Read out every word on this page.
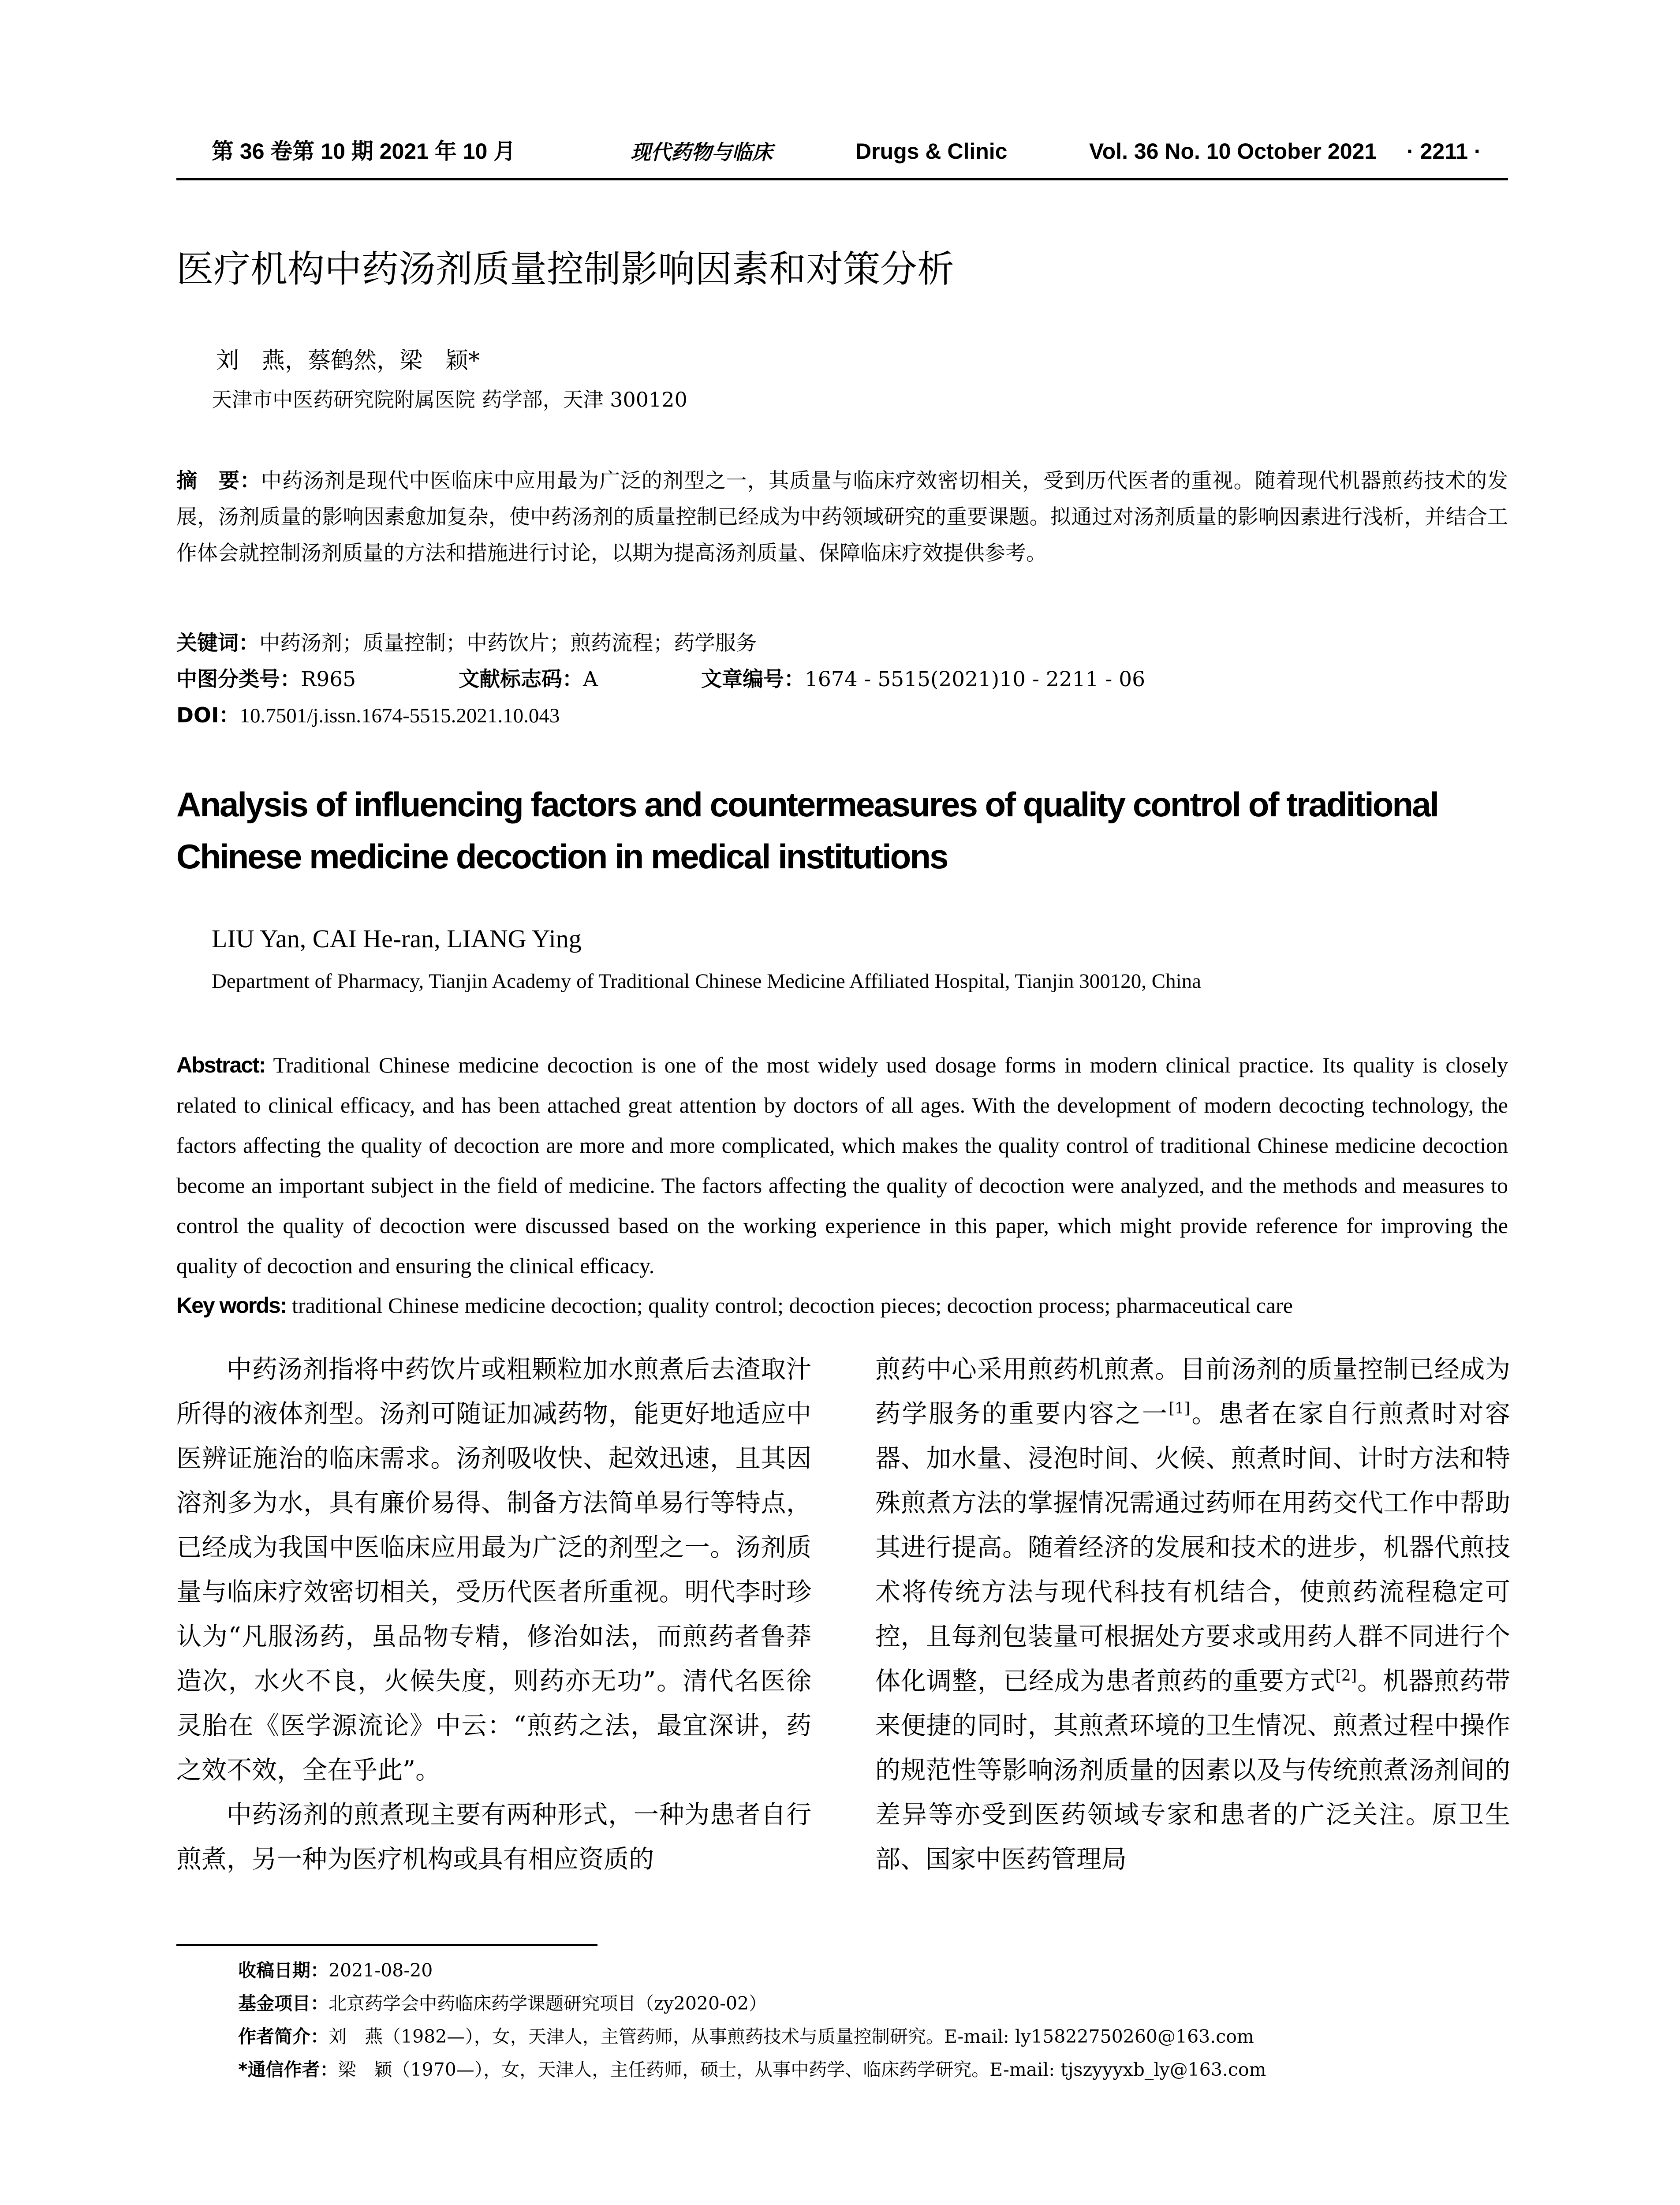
第 36 卷第 10 期 2021 年 10 月	现代药物与临床	Drugs & Clinic	Vol. 36 No. 10 October 2021 · 2211 ·
医疗机构中药汤剂质量控制影响因素和对策分析
刘　燕，蔡鹤然，梁　颖*
天津市中医药研究院附属医院 药学部，天津 300120
摘　要：中药汤剂是现代中医临床中应用最为广泛的剂型之一，其质量与临床疗效密切相关，受到历代医者的重视。随着现代机器煎药技术的发展，汤剂质量的影响因素愈加复杂，使中药汤剂的质量控制已经成为中药领域研究的重要课题。拟通过对汤剂质量的影响因素进行浅析，并结合工作体会就控制汤剂质量的方法和措施进行讨论，以期为提高汤剂质量、保障临床疗效提供参考。
关键词：中药汤剂；质量控制；中药饮片；煎药流程；药学服务
中图分类号：R965	文献标志码：A	文章编号：1674 - 5515(2021)10 - 2211 - 06
DOI：10.7501/j.issn.1674-5515.2021.10.043
Analysis of influencing factors and countermeasures of quality control of traditional Chinese medicine decoction in medical institutions
LIU Yan, CAI He-ran, LIANG Ying
Department of Pharmacy, Tianjin Academy of Traditional Chinese Medicine Affiliated Hospital, Tianjin 300120, China
Abstract: Traditional Chinese medicine decoction is one of the most widely used dosage forms in modern clinical practice. Its quality is closely related to clinical efficacy, and has been attached great attention by doctors of all ages. With the development of modern decocting technology, the factors affecting the quality of decoction are more and more complicated, which makes the quality control of traditional Chinese medicine decoction become an important subject in the field of medicine. The factors affecting the quality of decoction were analyzed, and the methods and measures to control the quality of decoction were discussed based on the working experience in this paper, which might provide reference for improving the quality of decoction and ensuring the clinical efficacy.
Key words: traditional Chinese medicine decoction; quality control; decoction pieces; decoction process; pharmaceutical care

中药汤剂指将中药饮片或粗颗粒加水煎煮后去渣取汁所得的液体剂型。汤剂可随证加减药物，能更好地适应中医辨证施治的临床需求。汤剂吸收快、起效迅速，且其因溶剂多为水，具有廉价易得、制备方法简单易行等特点，已经成为我国中医临床应用最为广泛的剂型之一。汤剂质量与临床疗效密切相关，受历代医者所重视。明代李时珍认为“凡服汤药，虽品物专精，修治如法，而煎药者鲁莽造次，水火不良，火候失度，则药亦无功”。清代名医徐灵胎在《医学源流论》中云：“煎药之法，最宜深讲，药之效不效，全在乎此”。

中药汤剂的煎煮现主要有两种形式，一种为患者自行煎煮，另一种为医疗机构或具有相应资质的

煎药中心采用煎药机煎煮。目前汤剂的质量控制已经成为药学服务的重要内容之一[1]。患者在家自行煎煮时对容器、加水量、浸泡时间、火候、煎煮时间、计时方法和特殊煎煮方法的掌握情况需通过药师在用药交代工作中帮助其进行提高。随着经济的发展和技术的进步，机器代煎技术将传统方法与现代科技有机结合，使煎药流程稳定可控，且每剂包装量可根据处方要求或用药人群不同进行个体化调整，已经成为患者煎药的重要方式[2]。机器煎药带来便捷的同时，其煎煮环境的卫生情况、煎煮过程中操作的规范性等影响汤剂质量的因素以及与传统煎煮汤剂间的差异等亦受到医药领域专家和患者的广泛关注。原卫生部、国家中医药管理局

收稿日期：2021-08-20
基金项目：北京药学会中药临床药学课题研究项目（zy2020-02）
作者简介：刘　燕（1982—），女，天津人，主管药师，从事煎药技术与质量控制研究。E-mail: ly15822750260@163.com
*通信作者：梁　颖（1970—），女，天津人，主任药师，硕士，从事中药学、临床药学研究。E-mail: tjszyyyxb_ly@163.com
